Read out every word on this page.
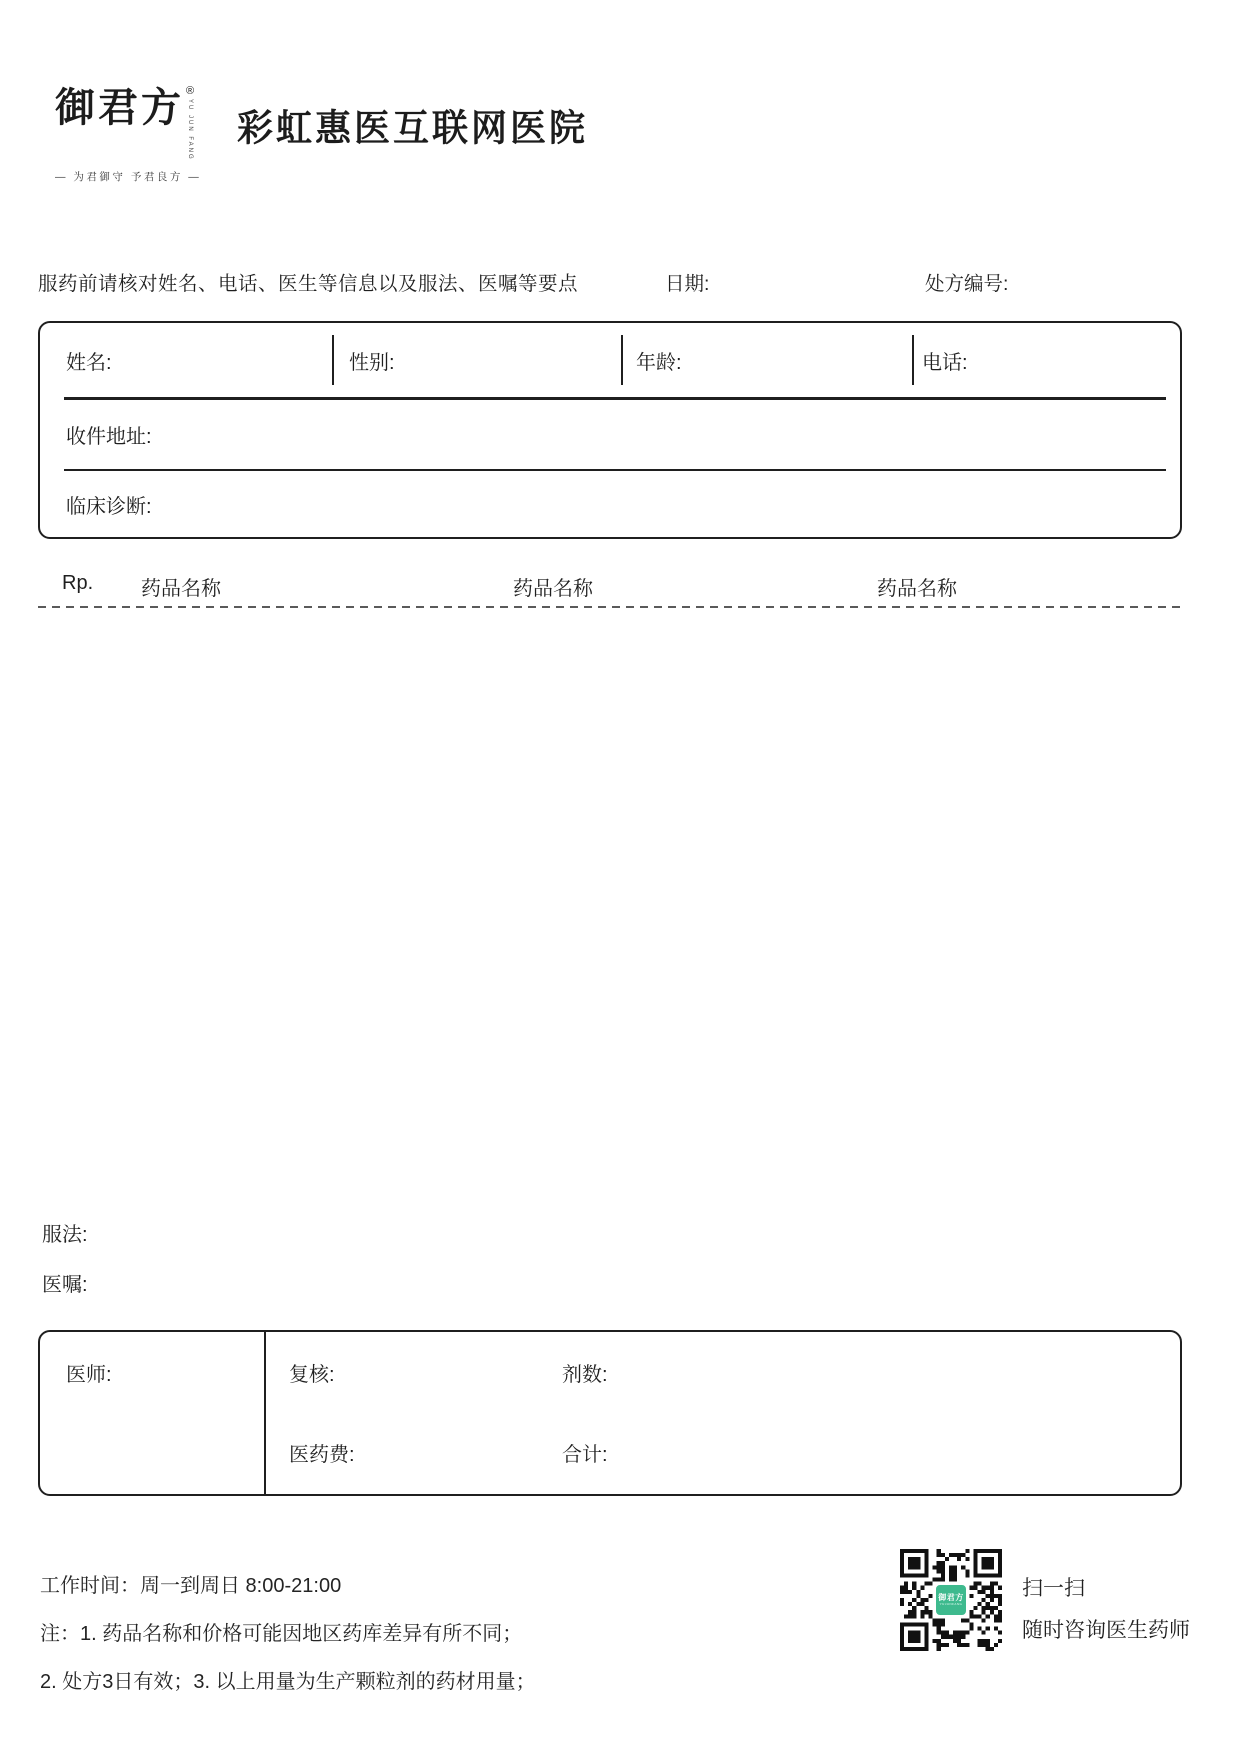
御君方 ®
YU JUN FANG
— 为君御守 予君良方 —
彩虹惠医互联网医院
服药前请核对姓名、电话、医生等信息以及服法、医嘱等要点	日期:	处方编号:
姓名:	性别:	年龄:	电话:
收件地址:
临床诊断:
Rp. 药品名称	药品名称	药品名称
服法:
医嘱:
医师:	复核:	剂数:
医药费:	合计:
工作时间：周一到周日 8:00-21:00
注：1. 药品名称和价格可能因地区药库差异有所不同；
2. 处方3日有效；3. 以上用量为生产颗粒剂的药材用量；
御君方
YUJUNFANG
扫一扫
随时咨询医生药师
